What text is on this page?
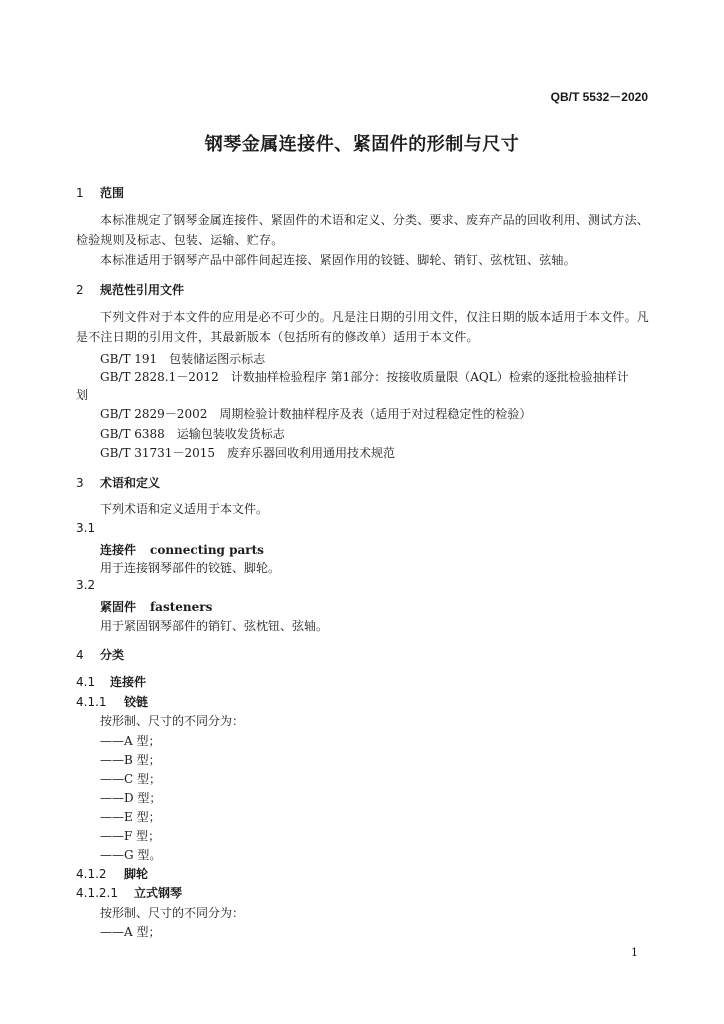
QB/T 5532－2020
钢琴金属连接件、紧固件的形制与尺寸
1 范围
本标准规定了钢琴金属连接件、紧固件的术语和定义、分类、要求、废弃产品的回收利用、测试方法、检验规则及标志、包装、运输、贮存。
本标准适用于钢琴产品中部件间起连接、紧固作用的铰链、脚轮、销钉、弦枕钮、弦轴。
2 规范性引用文件
下列文件对于本文件的应用是必不可少的。凡是注日期的引用文件，仅注日期的版本适用于本文件。凡是不注日期的引用文件，其最新版本（包括所有的修改单）适用于本文件。
GB/T 191　包装储运图示标志
GB/T 2828.1－2012　计数抽样检验程序 第1部分：按接收质量限（AQL）检索的逐批检验抽样计
划
GB/T 2829－2002　周期检验计数抽样程序及表（适用于对过程稳定性的检验）
GB/T 6388　运输包装收发货标志
GB/T 31731－2015　废弃乐器回收利用通用技术规范
3 术语和定义
下列术语和定义适用于本文件。
3.1
连接件 connecting parts
用于连接钢琴部件的铰链、脚轮。
3.2
紧固件 fasteners
用于紧固钢琴部件的销钉、弦枕钮、弦轴。
4 分类
4.1 连接件
4.1.1 铰链
按形制、尺寸的不同分为：
——A 型；
——B 型；
——C 型；
——D 型；
——E 型；
——F 型；
——G 型。
4.1.2 脚轮
4.1.2.1 立式钢琴
按形制、尺寸的不同分为：
——A 型；
1
